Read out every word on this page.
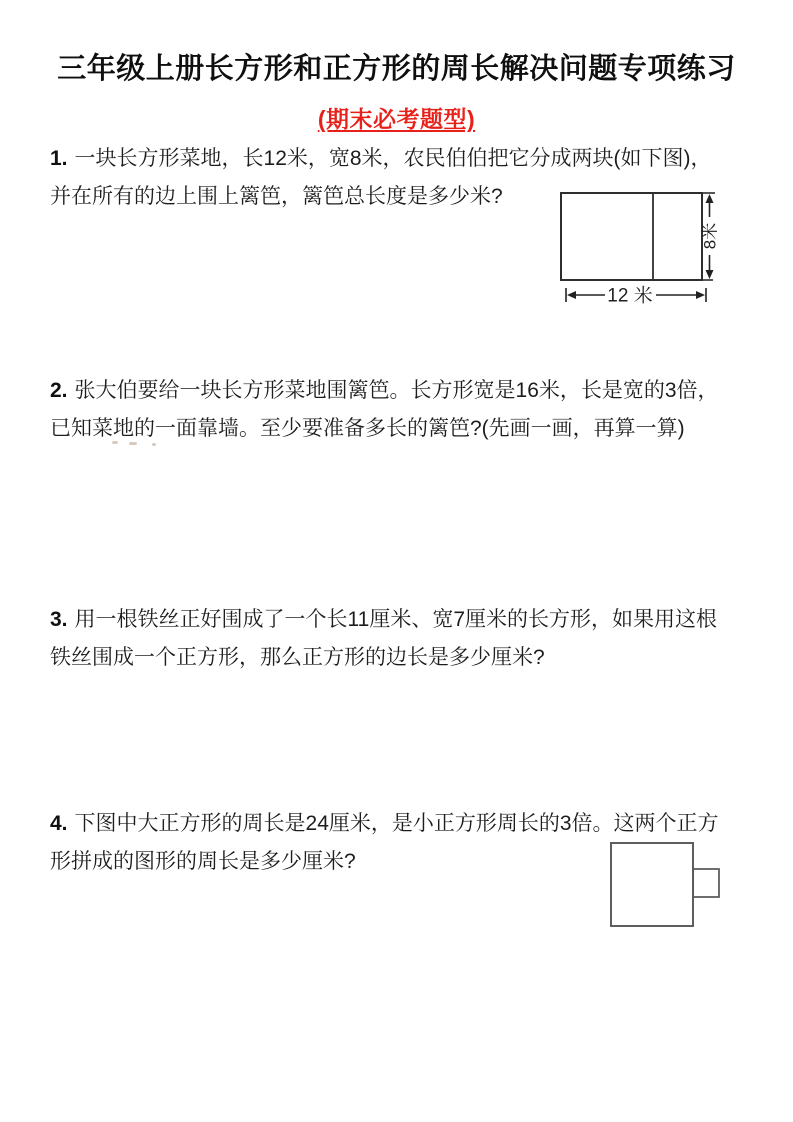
三年级上册长方形和正方形的周长解决问题专项练习
(期末必考题型)
1. 一块长方形菜地，长12米，宽8米，农民伯伯把它分成两块(如下图)，
并在所有的边上围上篱笆，篱笆总长度是多少米?
8米
12 米
2. 张大伯要给一块长方形菜地围篱笆。长方形宽是16米，长是宽的3倍，
已知菜地的一面靠墙。至少要准备多长的篱笆?(先画一画，再算一算)
3. 用一根铁丝正好围成了一个长11厘米、宽7厘米的长方形，如果用这根
铁丝围成一个正方形，那么正方形的边长是多少厘米?
4. 下图中大正方形的周长是24厘米，是小正方形周长的3倍。这两个正方
形拼成的图形的周长是多少厘米?
